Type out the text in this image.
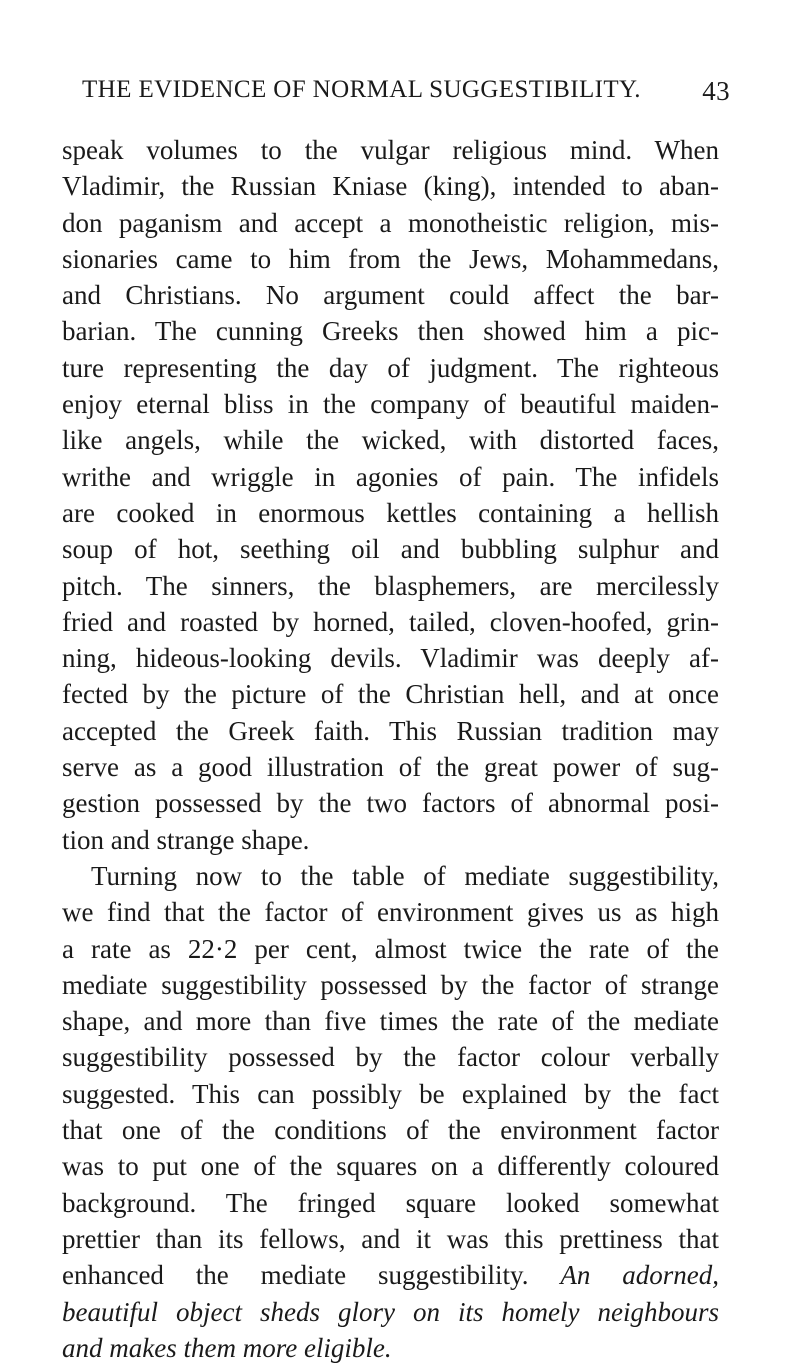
THE EVIDENCE OF NORMAL SUGGESTIBILITY. 43
speak volumes to the vulgar religious mind. When
Vladimir, the Russian Kniase (king), intended to aban-
don paganism and accept a monotheistic religion, mis-
sionaries came to him from the Jews, Mohammedans,
and Christians. No argument could affect the bar-
barian. The cunning Greeks then showed him a pic-
ture representing the day of judgment. The righteous
enjoy eternal bliss in the company of beautiful maiden-
like angels, while the wicked, with distorted faces,
writhe and wriggle in agonies of pain. The infidels
are cooked in enormous kettles containing a hellish
soup of hot, seething oil and bubbling sulphur and
pitch. The sinners, the blasphemers, are mercilessly
fried and roasted by horned, tailed, cloven-hoofed, grin-
ning, hideous-looking devils. Vladimir was deeply af-
fected by the picture of the Christian hell, and at once
accepted the Greek faith. This Russian tradition may
serve as a good illustration of the great power of sug-
gestion possessed by the two factors of abnormal posi-
tion and strange shape.
Turning now to the table of mediate suggestibility,
we find that the factor of environment gives us as high
a rate as 22·2 per cent, almost twice the rate of the
mediate suggestibility possessed by the factor of strange
shape, and more than five times the rate of the mediate
suggestibility possessed by the factor colour verbally
suggested. This can possibly be explained by the fact
that one of the conditions of the environment factor
was to put one of the squares on a differently coloured
background. The fringed square looked somewhat
prettier than its fellows, and it was this prettiness that
enhanced the mediate suggestibility. An adorned,
beautiful object sheds glory on its homely neighbours
and makes them more eligible.
